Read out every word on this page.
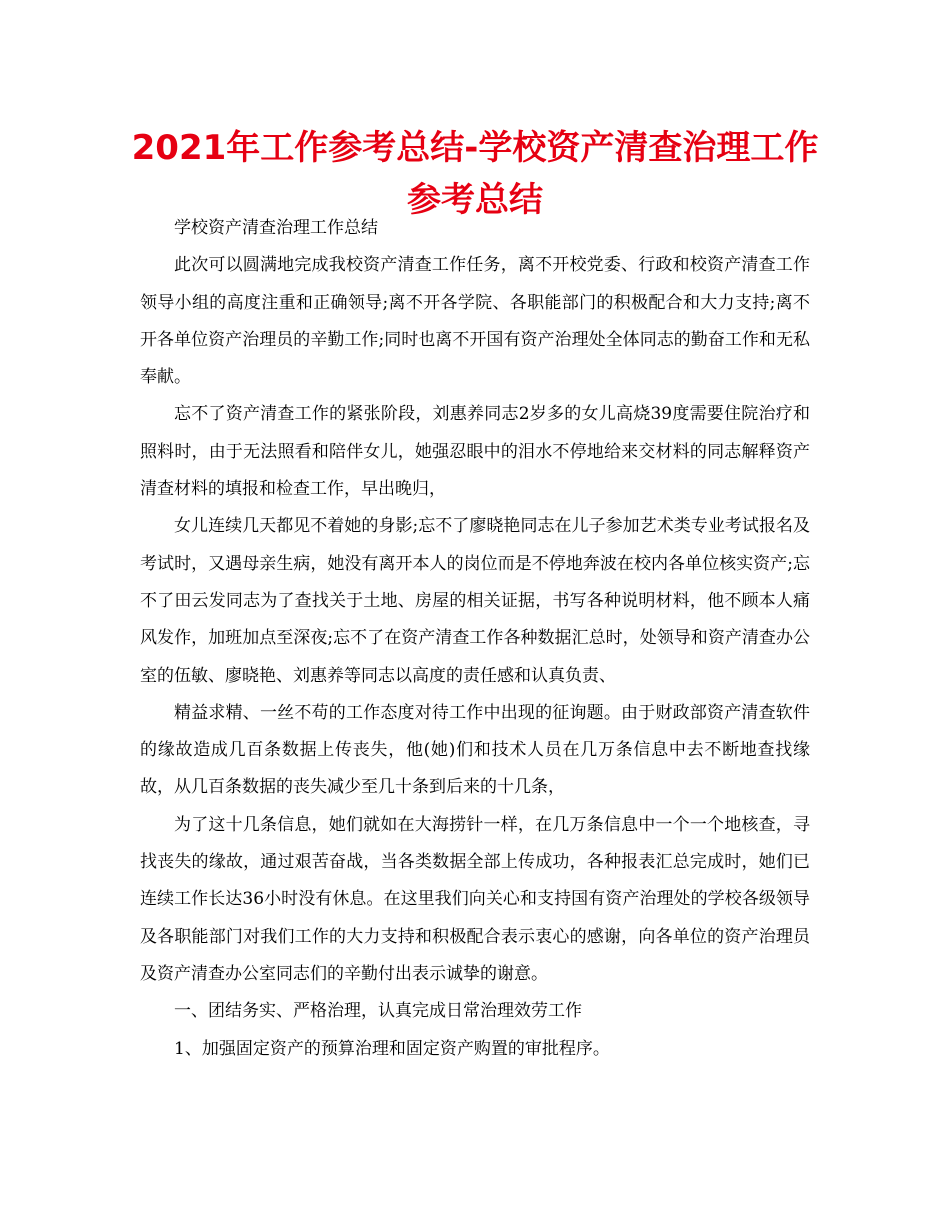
2021年工作参考总结-学校资产清查治理工作参考总结

学校资产清查治理工作总结

此次可以圆满地完成我校资产清查工作任务，离不开校党委、行政和校资产清查工作领导小组的高度注重和正确领导;离不开各学院、各职能部门的积极配合和大力支持;离不开各单位资产治理员的辛勤工作;同时也离不开国有资产治理处全体同志的勤奋工作和无私奉献。

忘不了资产清查工作的紧张阶段，刘惠养同志2岁多的女儿高烧39度需要住院治疗和照料时，由于无法照看和陪伴女儿，她强忍眼中的泪水不停地给来交材料的同志解释资产清查材料的填报和检查工作，早出晚归，

女儿连续几天都见不着她的身影;忘不了廖晓艳同志在儿子参加艺术类专业考试报名及考试时，又遇母亲生病，她没有离开本人的岗位而是不停地奔波在校内各单位核实资产;忘不了田云发同志为了查找关于土地、房屋的相关证据，书写各种说明材料，他不顾本人痛风发作，加班加点至深夜;忘不了在资产清查工作各种数据汇总时，处领导和资产清查办公室的伍敏、廖晓艳、刘惠养等同志以高度的责任感和认真负责、

精益求精、一丝不苟的工作态度对待工作中出现的征询题。由于财政部资产清查软件的缘故造成几百条数据上传丧失，他(她)们和技术人员在几万条信息中去不断地查找缘故，从几百条数据的丧失减少至几十条到后来的十几条，

为了这十几条信息，她们就如在大海捞针一样，在几万条信息中一个一个地核查，寻找丧失的缘故，通过艰苦奋战，当各类数据全部上传成功，各种报表汇总完成时，她们已连续工作长达36小时没有休息。在这里我们向关心和支持国有资产治理处的学校各级领导及各职能部门对我们工作的大力支持和积极配合表示衷心的感谢，向各单位的资产治理员及资产清查办公室同志们的辛勤付出表示诚挚的谢意。

一、团结务实、严格治理，认真完成日常治理效劳工作

1、加强固定资产的预算治理和固定资产购置的审批程序。
